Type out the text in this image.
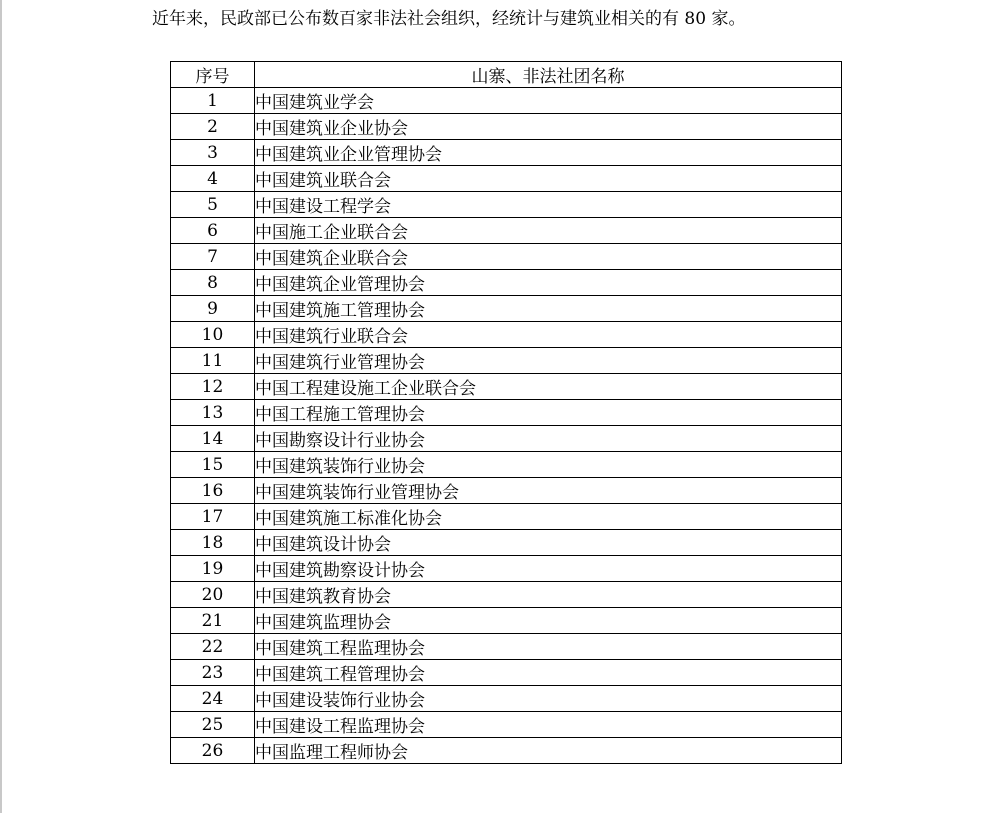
近年来，民政部已公布数百家非法社会组织，经统计与建筑业相关的有 80 家。

序号	山寨、非法社团名称
1	中国建筑业学会
2	中国建筑业企业协会
3	中国建筑业企业管理协会
4	中国建筑业联合会
5	中国建设工程学会
6	中国施工企业联合会
7	中国建筑企业联合会
8	中国建筑企业管理协会
9	中国建筑施工管理协会
10	中国建筑行业联合会
11	中国建筑行业管理协会
12	中国工程建设施工企业联合会
13	中国工程施工管理协会
14	中国勘察设计行业协会
15	中国建筑装饰行业协会
16	中国建筑装饰行业管理协会
17	中国建筑施工标准化协会
18	中国建筑设计协会
19	中国建筑勘察设计协会
20	中国建筑教育协会
21	中国建筑监理协会
22	中国建筑工程监理协会
23	中国建筑工程管理协会
24	中国建设装饰行业协会
25	中国建设工程监理协会
26	中国监理工程师协会
